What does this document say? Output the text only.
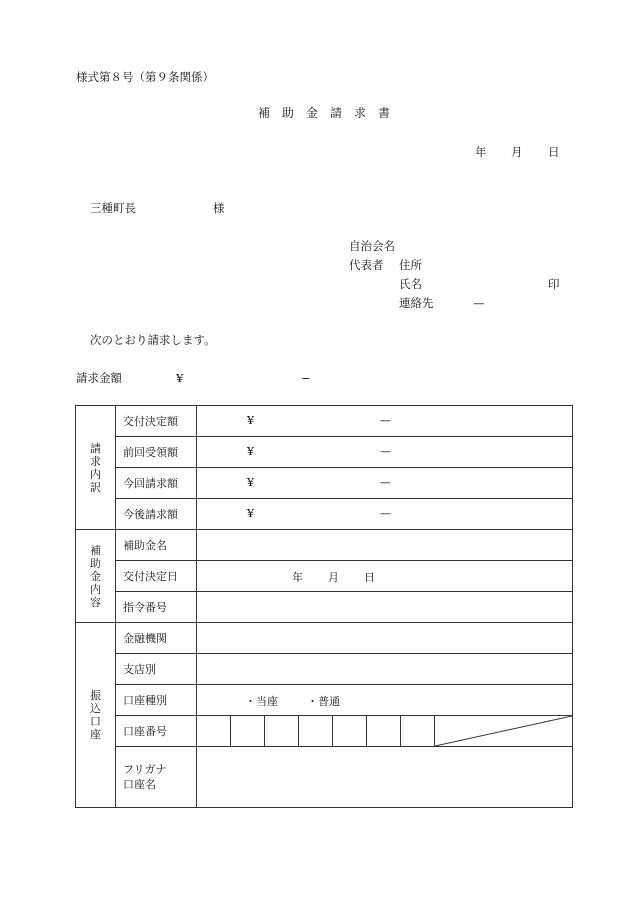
様式第８号（第９条関係）
補 助 金 請 求 書
年 月 日
三種町長	様
自治会名
代表者 住所
氏名	印
連絡先	—
次のとおり請求します。
請求金額	¥	−
請求内訳	交付決定額	¥ —

	前回受領額	¥ —

	今回請求額	¥ —

	今後請求額	¥ —

補助金内容	補助金名	
	交付決定日	年 月 日

	指令番号	
振込口座	金融機関	
	支店別	
	口座種別	・当座 ・普通

	口座番号	

	フリガナ
口座名	
